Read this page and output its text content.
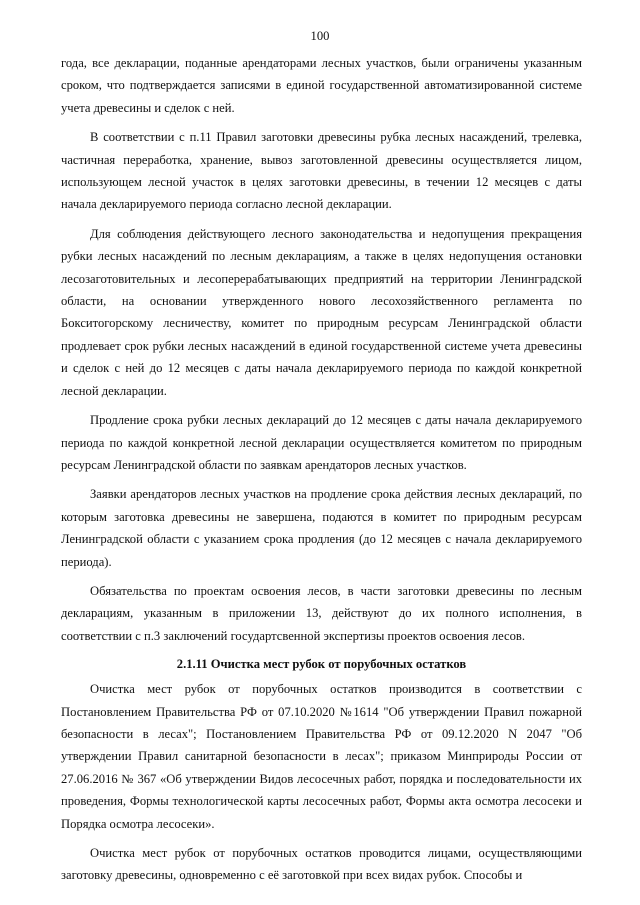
100

года, все декларации, поданные арендаторами лесных участков, были ограничены указанным сроком, что подтверждается записями в единой государственной автоматизированной системе учета древесины и сделок с ней.

В соответствии с п.11 Правил заготовки древесины рубка лесных насаждений, трелевка, частичная переработка, хранение, вывоз заготовленной древесины осуществляется лицом, использующем лесной участок в целях заготовки древесины, в течении 12 месяцев с даты начала декларируемого периода согласно лесной декларации.

Для соблюдения действующего лесного законодательства и недопущения прекращения рубки лесных насаждений по лесным декларациям, а также в целях недопущения остановки лесозаготовительных и лесоперерабатывающих предприятий на территории Ленинградской области, на основании утвержденного нового лесохозяйственного регламента по Бокситогорскому лесничеству, комитет по природным ресурсам Ленинградской области продлевает срок рубки лесных насаждений в единой государственной системе учета древесины и сделок с ней до 12 месяцев с даты начала декларируемого периода по каждой конкретной лесной декларации.

Продление срока рубки лесных деклараций до 12 месяцев с даты начала декларируемого периода по каждой конкретной лесной декларации осуществляется комитетом по природным ресурсам Ленинградской области по заявкам арендаторов лесных участков.

Заявки арендаторов лесных участков на продление срока действия лесных деклараций, по которым заготовка древесины не завершена, подаются в комитет по природным ресурсам Ленинградской области с указанием срока продления (до 12 месяцев с начала декларируемого периода).

Обязательства по проектам освоения лесов, в части заготовки древесины по лесным декларациям, указанным в приложении 13, действуют до их полного исполнения, в соответствии с п.3 заключений государтсвенной экспертизы проектов освоения лесов.

2.1.11 Очистка мест рубок от порубочных остатков

Очистка мест рубок от порубочных остатков производится в соответствии с Постановлением Правительства РФ от 07.10.2020 №1614 "Об утверждении Правил пожарной безопасности в лесах"; Постановлением Правительства РФ от 09.12.2020 N 2047 "Об утверждении Правил санитарной безопасности в лесах"; приказом Минприроды России от 27.06.2016 № 367 «Об утверждении Видов лесосечных работ, порядка и последовательности их проведения, Формы технологической карты лесосечных работ, Формы акта осмотра лесосеки и Порядка осмотра лесосеки».

Очистка мест рубок от порубочных остатков проводится лицами, осуществляющими заготовку древесины, одновременно с её заготовкой при всех видах рубок. Способы и
